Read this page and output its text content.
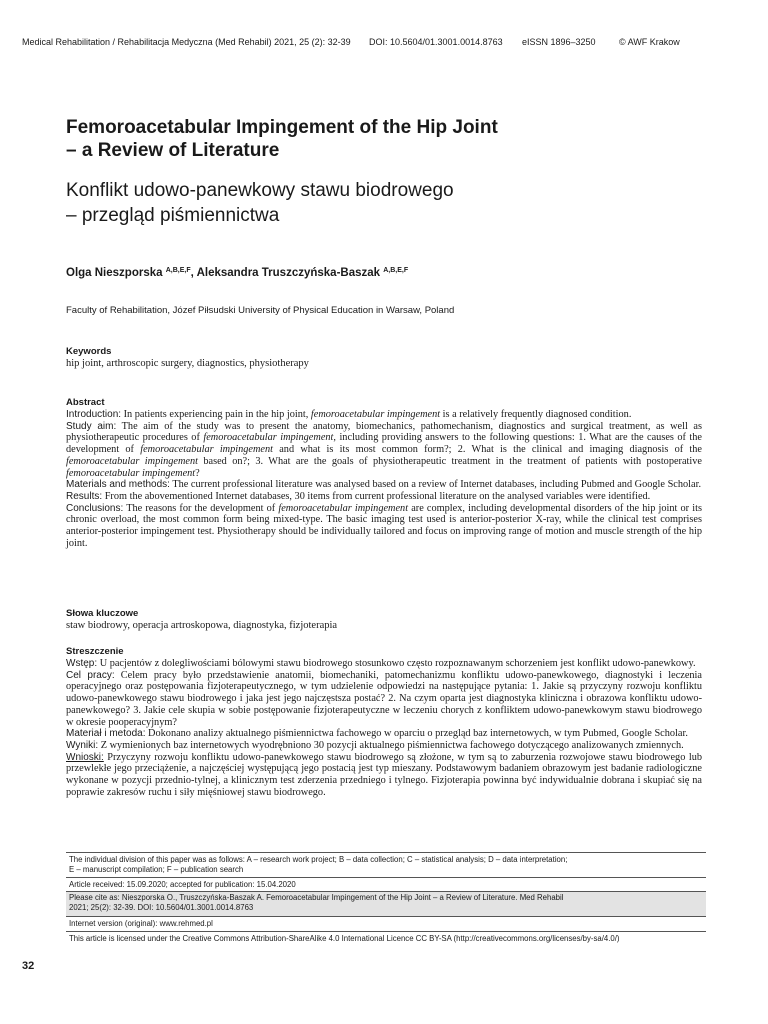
Medical Rehabilitation / Rehabilitacja Medyczna (Med Rehabil) 2021, 25 (2): 32-39 DOI: 10.5604/01.3001.0014.8763 eISSN 1896–3250	© AWF Krakow
Femoroacetabular Impingement of the Hip Joint
– a Review of Literature
Konflikt udowo-panewkowy stawu biodrowego
– przegląd piśmiennictwa
Olga Nieszporska $^{A,B,E,F}$, Aleksandra Truszczyńska-Baszak $^{A,B,E,F}$
Faculty of Rehabilitation, Józef Piłsudski University of Physical Education in Warsaw, Poland
Keywords
hip joint, arthroscopic surgery, diagnostics, physiotherapy
Abstract

Introduction: In patients experiencing pain in the hip joint, femoroacetabular impingement is a relatively frequently diagnosed condition.
Study aim: The aim of the study was to present the anatomy, biomechanics, pathomechanism, diagnostics and surgical treatment, as well as physiotherapeutic procedures of femoroacetabular impingement, including providing answers to the following questions: 1. What are the causes of the development of femoroacetabular impingement and what is its most common form?; 2. What is the clinical and imaging diagnosis of the femoroacetabular impingement based on?; 3. What are the goals of physiotherapeutic treatment in the treatment of patients with postoperative femoroacetabular impingement?
Materials and methods: The current professional literature was analysed based on a review of Internet databases, including Pubmed and Google Scholar.
Results: From the abovementioned Internet databases, 30 items from current professional literature on the analysed variables were identified.
Conclusions: The reasons for the development of femoroacetabular impingement are complex, including developmental disorders of the hip joint or its chronic overload, the most common form being mixed-type. The basic imaging test used is anterior-posterior X-ray, while the clinical test comprises anterior-posterior impingement test. Physiotherapy should be individually tailored and focus on improving range of motion and muscle strength of the hip joint.

Słowa kluczowe
staw biodrowy, operacja artroskopowa, diagnostyka, fizjoterapia
Streszczenie

Wstęp: U pacjentów z dolegliwościami bólowymi stawu biodrowego stosunkowo często rozpoznawanym schorzeniem jest konflikt udowo-panewkowy.
Cel pracy: Celem pracy było przedstawienie anatomii, biomechaniki, patomechanizmu konfliktu udowo-panewkowego, diagnostyki i leczenia operacyjnego oraz postępowania fizjoterapeutycznego, w tym udzielenie odpowiedzi na następujące pytania: 1. Jakie są przyczyny rozwoju konfliktu udowo-panewkowego stawu biodrowego i jaka jest jego najczęstsza postać? 2. Na czym oparta jest diagnostyka kliniczna i obrazowa konfliktu udowo-panewkowego? 3. Jakie cele skupia w sobie postępowanie fizjoterapeutyczne w leczeniu chorych z konfliktem udowo-panewkowym stawu biodrowego w okresie pooperacyjnym?
Materiał i metoda: Dokonano analizy aktualnego piśmiennictwa fachowego w oparciu o przegląd baz internetowych, w tym Pubmed, Google Scholar.
Wyniki: Z wymienionych baz internetowych wyodrębniono 30 pozycji aktualnego piśmiennictwa fachowego dotyczącego analizowanych zmiennych.
Wnioski: Przyczyny rozwoju konfliktu udowo-panewkowego stawu biodrowego są złożone, w tym są to zaburzenia rozwojowe stawu biodrowego lub przewlekłe jego przeciążenie, a najczęściej występującą jego postacią jest typ mieszany. Podstawowym badaniem obrazowym jest badanie radiologiczne wykonane w pozycji przednio-tylnej, a klinicznym test zderzenia przedniego i tylnego. Fizjoterapia powinna być indywidualnie dobrana i skupiać się na poprawie zakresów ruchu i siły mięśniowej stawu biodrowego.

The individual division of this paper was as follows: A – research work project; B – data collection; C – statistical analysis; D – data interpretation;
E – manuscript compilation; F – publication search
Article received: 15.09.2020; accepted for publication: 15.04.2020
Please cite as: Nieszporska O., Truszczyńska-Baszak A. Femoroacetabular Impingement of the Hip Joint – a Review of Literature. Med Rehabil
2021; 25(2): 32-39. DOI: 10.5604/01.3001.0014.8763
Internet version (original): www.rehmed.pl
This article is licensed under the Creative Commons Attribution-ShareAlike 4.0 International Licence CC BY-SA (http://creativecommons.org/licenses/by-sa/4.0/)
32
